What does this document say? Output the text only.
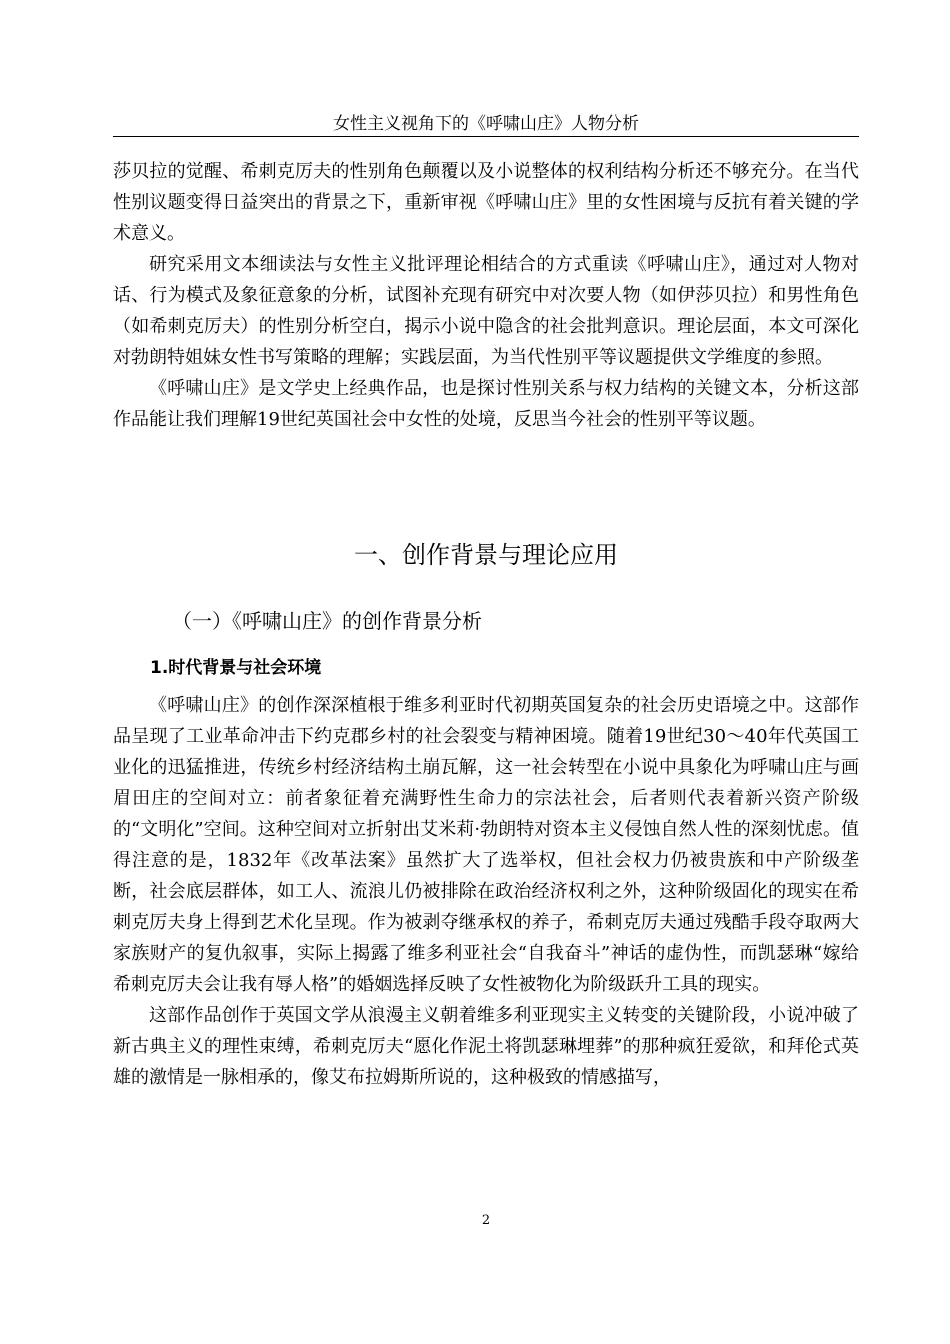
女性主义视角下的《呼啸山庄》人物分析

莎贝拉的觉醒、希刺克厉夫的性别角色颠覆以及小说整体的权利结构分析还不够充分。在当代性别议题变得日益突出的背景之下，重新审视《呼啸山庄》里的女性困境与反抗有着关键的学术意义。

研究采用文本细读法与女性主义批评理论相结合的方式重读《呼啸山庄》，通过对人物对话、行为模式及象征意象的分析，试图补充现有研究中对次要人物（如伊莎贝拉）和男性角色（如希刺克厉夫）的性别分析空白，揭示小说中隐含的社会批判意识。理论层面，本文可深化对勃朗特姐妹女性书写策略的理解；实践层面，为当代性别平等议题提供文学维度的参照。

《呼啸山庄》是文学史上经典作品，也是探讨性别关系与权力结构的关键文本，分析这部作品能让我们理解19世纪英国社会中女性的处境，反思当今社会的性别平等议题。

一、创作背景与理论应用
（一）《呼啸山庄》的创作背景分析
1.时代背景与社会环境

《呼啸山庄》的创作深深植根于维多利亚时代初期英国复杂的社会历史语境之中。这部作品呈现了工业革命冲击下约克郡乡村的社会裂变与精神困境。随着19世纪30～40年代英国工业化的迅猛推进，传统乡村经济结构土崩瓦解，这一社会转型在小说中具象化为呼啸山庄与画眉田庄的空间对立：前者象征着充满野性生命力的宗法社会，后者则代表着新兴资产阶级的“文明化”空间。这种空间对立折射出艾米莉·勃朗特对资本主义侵蚀自然人性的深刻忧虑。值得注意的是，1832年《改革法案》虽然扩大了选举权，但社会权力仍被贵族和中产阶级垄断，社会底层群体，如工人、流浪儿仍被排除在政治经济权利之外，这种阶级固化的现实在希刺克厉夫身上得到艺术化呈现。作为被剥夺继承权的养子，希刺克厉夫通过残酷手段夺取两大家族财产的复仇叙事，实际上揭露了维多利亚社会“自我奋斗”神话的虚伪性，而凯瑟琳“嫁给希刺克厉夫会让我有辱人格”的婚姻选择反映了女性被物化为阶级跃升工具的现实。

这部作品创作于英国文学从浪漫主义朝着维多利亚现实主义转变的关键阶段，小说冲破了新古典主义的理性束缚，希刺克厉夫“愿化作泥土将凯瑟琳埋葬”的那种疯狂爱欲，和拜伦式英雄的激情是一脉相承的，像艾布拉姆斯所说的，这种极致的情感描写，

2
